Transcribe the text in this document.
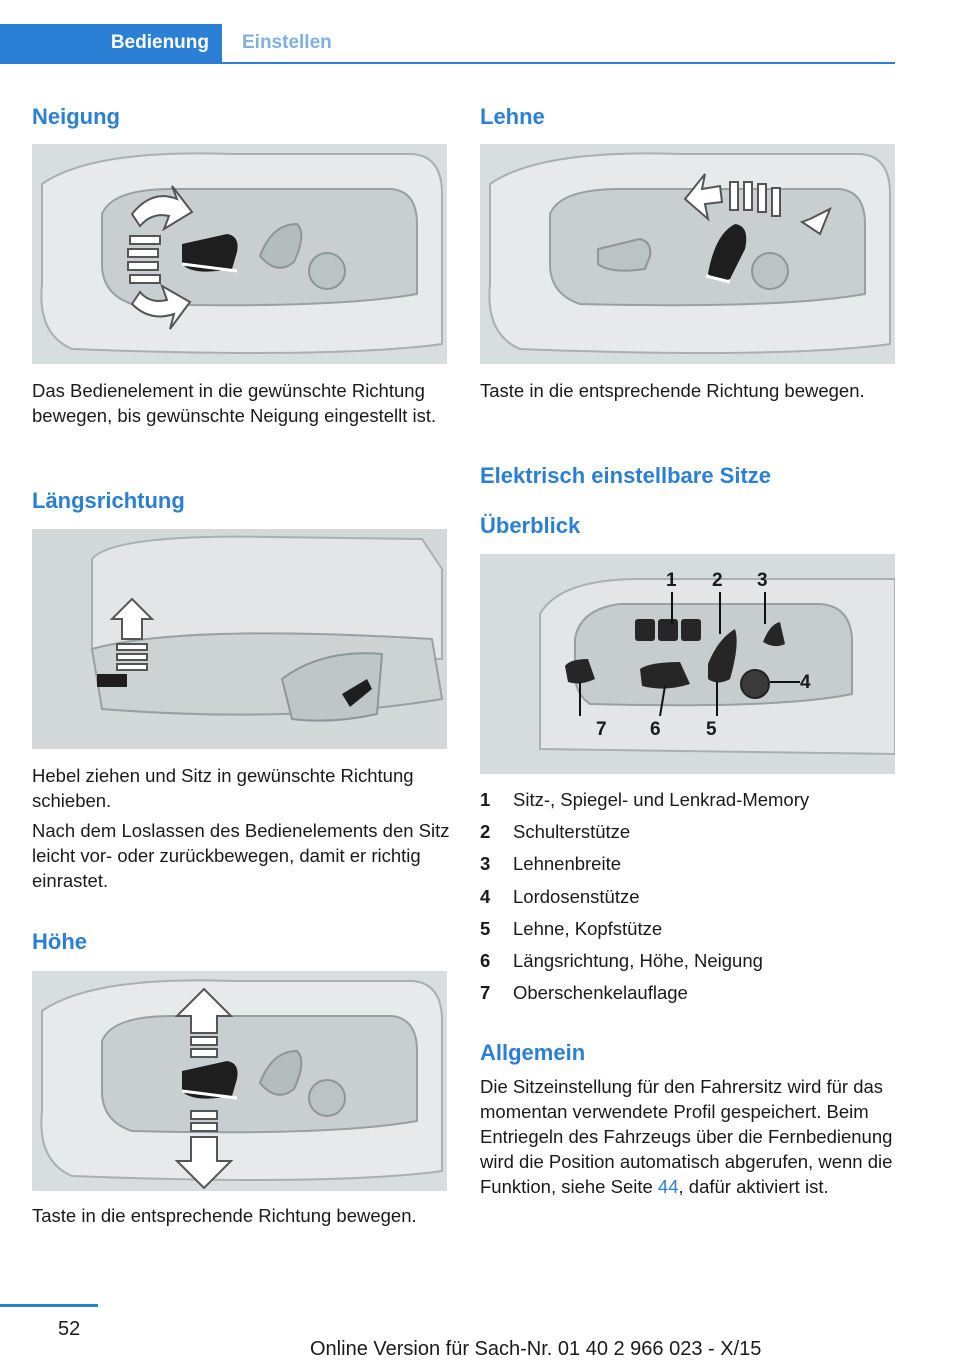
Bedienung	Einstellen
Neigung

Das Bedienelement in die gewünschte Richtung bewegen, bis gewünschte Neigung eingestellt ist.

Längsrichtung

Hebel ziehen und Sitz in gewünschte Richtung schieben.

Nach dem Loslassen des Bedienelements den Sitz leicht vor- oder zurückbewegen, damit er richtig einrastet.

Höhe

Taste in die entsprechende Richtung bewegen.

Lehne

Taste in die entsprechende Richtung bewegen.

Elektrisch einstellbare Sitze
Überblick
1 2 3
4
5
6
7
1 Sitz-, Spiegel- und Lenkrad-Memory
2 Schulterstütze
3 Lehnenbreite
4 Lordosenstütze
5 Lehne, Kopfstütze
6 Längsrichtung, Höhe, Neigung
7 Oberschenkelauflage
Allgemein

Die Sitzeinstellung für den Fahrersitz wird für das momentan verwendete Profil gespeichert. Beim Entriegeln des Fahrzeugs über die Fernbedienung wird die Position automatisch abgerufen, wenn die Funktion, siehe Seite 44, dafür aktiviert ist.

52
Online Version für Sach-Nr. 01 40 2 966 023 - X/15
